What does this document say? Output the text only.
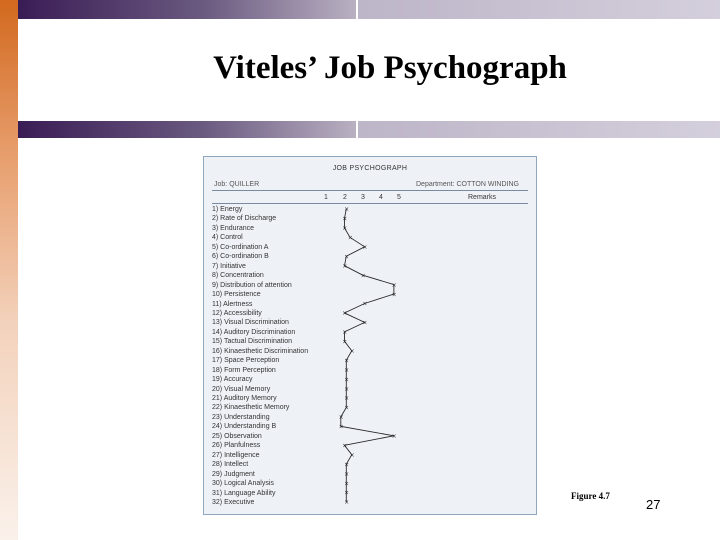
Viteles’ Job Psychograph
JOB PSYCHOGRAPH
Job: QUILLER	Department: COTTON WINDING
1 2 3 4 5	Remarks
1) Energy
2) Rate of Discharge
3) Endurance
4) Control
5) Co-ordination A
6) Co-ordination B
7) Initiative
8) Concentration
9) Distribution of attention
10) Persistence
11) Alertness
12) Accessibility
13) Visual Discrimination
14) Auditory Discrimination
15) Tactual Discrimination
16) Kinaesthetic Discrimination
17) Space Perception
18) Form Perception
19) Accuracy
20) Visual Memory
21) Auditory Memory
22) Kinaesthetic Memory
23) Understanding
24) Understanding B
25) Observation
26) Planfulness
27) Intelligence
28) Intellect
29) Judgment
30) Logical Analysis
31) Language Ability
32) Executive
×
×
×
×
×
×
×
×
×
×
×
×
×
×
×
×
×
×
×
×
×
×
×
×
×
×
×
×
×
×
×
×
Figure 4.7
27
